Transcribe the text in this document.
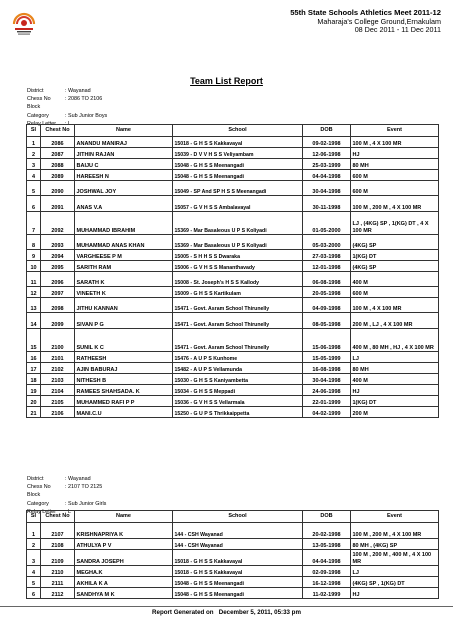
55th State Schools Athletics Meet 2011-12
Maharaja's College Ground,Ernakulam
08 Dec 2011 - 11 Dec 2011
Team List Report
District	: Wayanad
Chess No Block
: 2086 TO 2106
Category	: Sub Junior Boys
Relay Letter	: L
Sl	Chest No	Name	School	DOB	Event
1	2086	ANANDU MANIRAJ	15018 - G H S S Kakkavayal	09-02-1998	100 M , 4 X 100 MR
2	2087	JITHIN RAJAN	15039 - D V V H S S Veliyambam	12-06-1998	HJ
3	2088	BAIJU C	15048 - G H S S Meenangadi	25-03-1999	80 MH
4	2089	HAREESH N	15048 - G H S S Meenangadi	04-04-1998	600 M
5	2090	JOSHWAL JOY	15049 - SP And SP H S S Meenangadi	30-04-1998	600 M
6	2091	ANAS V.A	15057 - G V H S S Ambalavayal	30-11-1998	100 M , 200 M , 4 X 100 MR
7	2092	MUHAMMAD IBRAHIM	15369 - Mar Basaleous U P S Koliyadi	01-05-2000	LJ , (4KG) SP , 1(KG) DT , 4 X 100 MR
8	2093	MUHAMMAD ANAS KHAN	15369 - Mar Basaleous U P S Koliyadi	05-03-2000	(4KG) SP
9	2094	VARGHEESE P M	15005 - S H H S S Dwaraka	27-03-1998	1(KG) DT
10	2095	SARITH RAM	15006 - G V H S S Mananthavady	12-01-1998	(4KG) SP
11	2096	SARATH K	15008 - St. Joseph's H S S Kallody	06-08-1998	400 M
12	2097	VINEETH K	15009 - G H S S Kartikulam	20-05-1998	600 M
13	2098	JITHU KANNAN	15471 - Govt. Asram School Thirunelly	04-09-1998	100 M , 4 X 100 MR
14	2099	SIVAN P G	15471 - Govt. Asram School Thirunelly	08-05-1998	200 M , LJ , 4 X 100 MR
15	2100	SUNIL K C	15471 - Govt. Asram School Thirunelly	15-06-1998	400 M , 80 MH , HJ , 4 X 100 MR
16	2101	RATHEESH	15476 - A U P S Kunhome	15-05-1999	LJ
17	2102	AJIN BABURAJ	15482 - A U P S Vellamunda	16-08-1998	80 MH
18	2103	NITHESH B	15030 - G H S S Kaniyambetta	30-04-1998	400 M
19	2104	RAMEES SHAHSADA. K	15034 - G H S S Meppadi	24-06-1998	HJ
20	2105	MUHAMMED RAFI P P	15036 - G V H S S Vellarmala	22-01-1999	1(KG) DT
21	2106	MANI.C.U	15250 - G U P S Thrikkaippetta	04-02-1999	200 M
District	: Wayanad
Chess No Block
: 2107 TO 2125
Category	: Sub Junior Girls
Relay Letter	: L
Sl	Chest No	Name	School	DOB	Event
1	2107	KRISHNAPRIYA K	144 - CSH Wayanad	20-02-1998	100 M , 200 M , 4 X 100 MR
2	2108	ATHULYA P V	144 - CSH Wayanad	13-05-1998	80 MH , (4KG) SP
3	2109	SANDRA JOSEPH	15018 - G H S S Kakkavayal	04-04-1998	100 M , 200 M , 400 M , 4 X 100 MR
4	2110	MEGHA.K	15018 - G H S S Kakkavayal	02-09-1998	LJ
5	2111	AKHILA K A	15048 - G H S S Meenangadi	16-12-1998	(4KG) SP , 1(KG) DT
6	2112	SANDHYA M K	15048 - G H S S Meenangadi	11-02-1999	HJ
Report Generated on December 5, 2011, 05:33 pm
